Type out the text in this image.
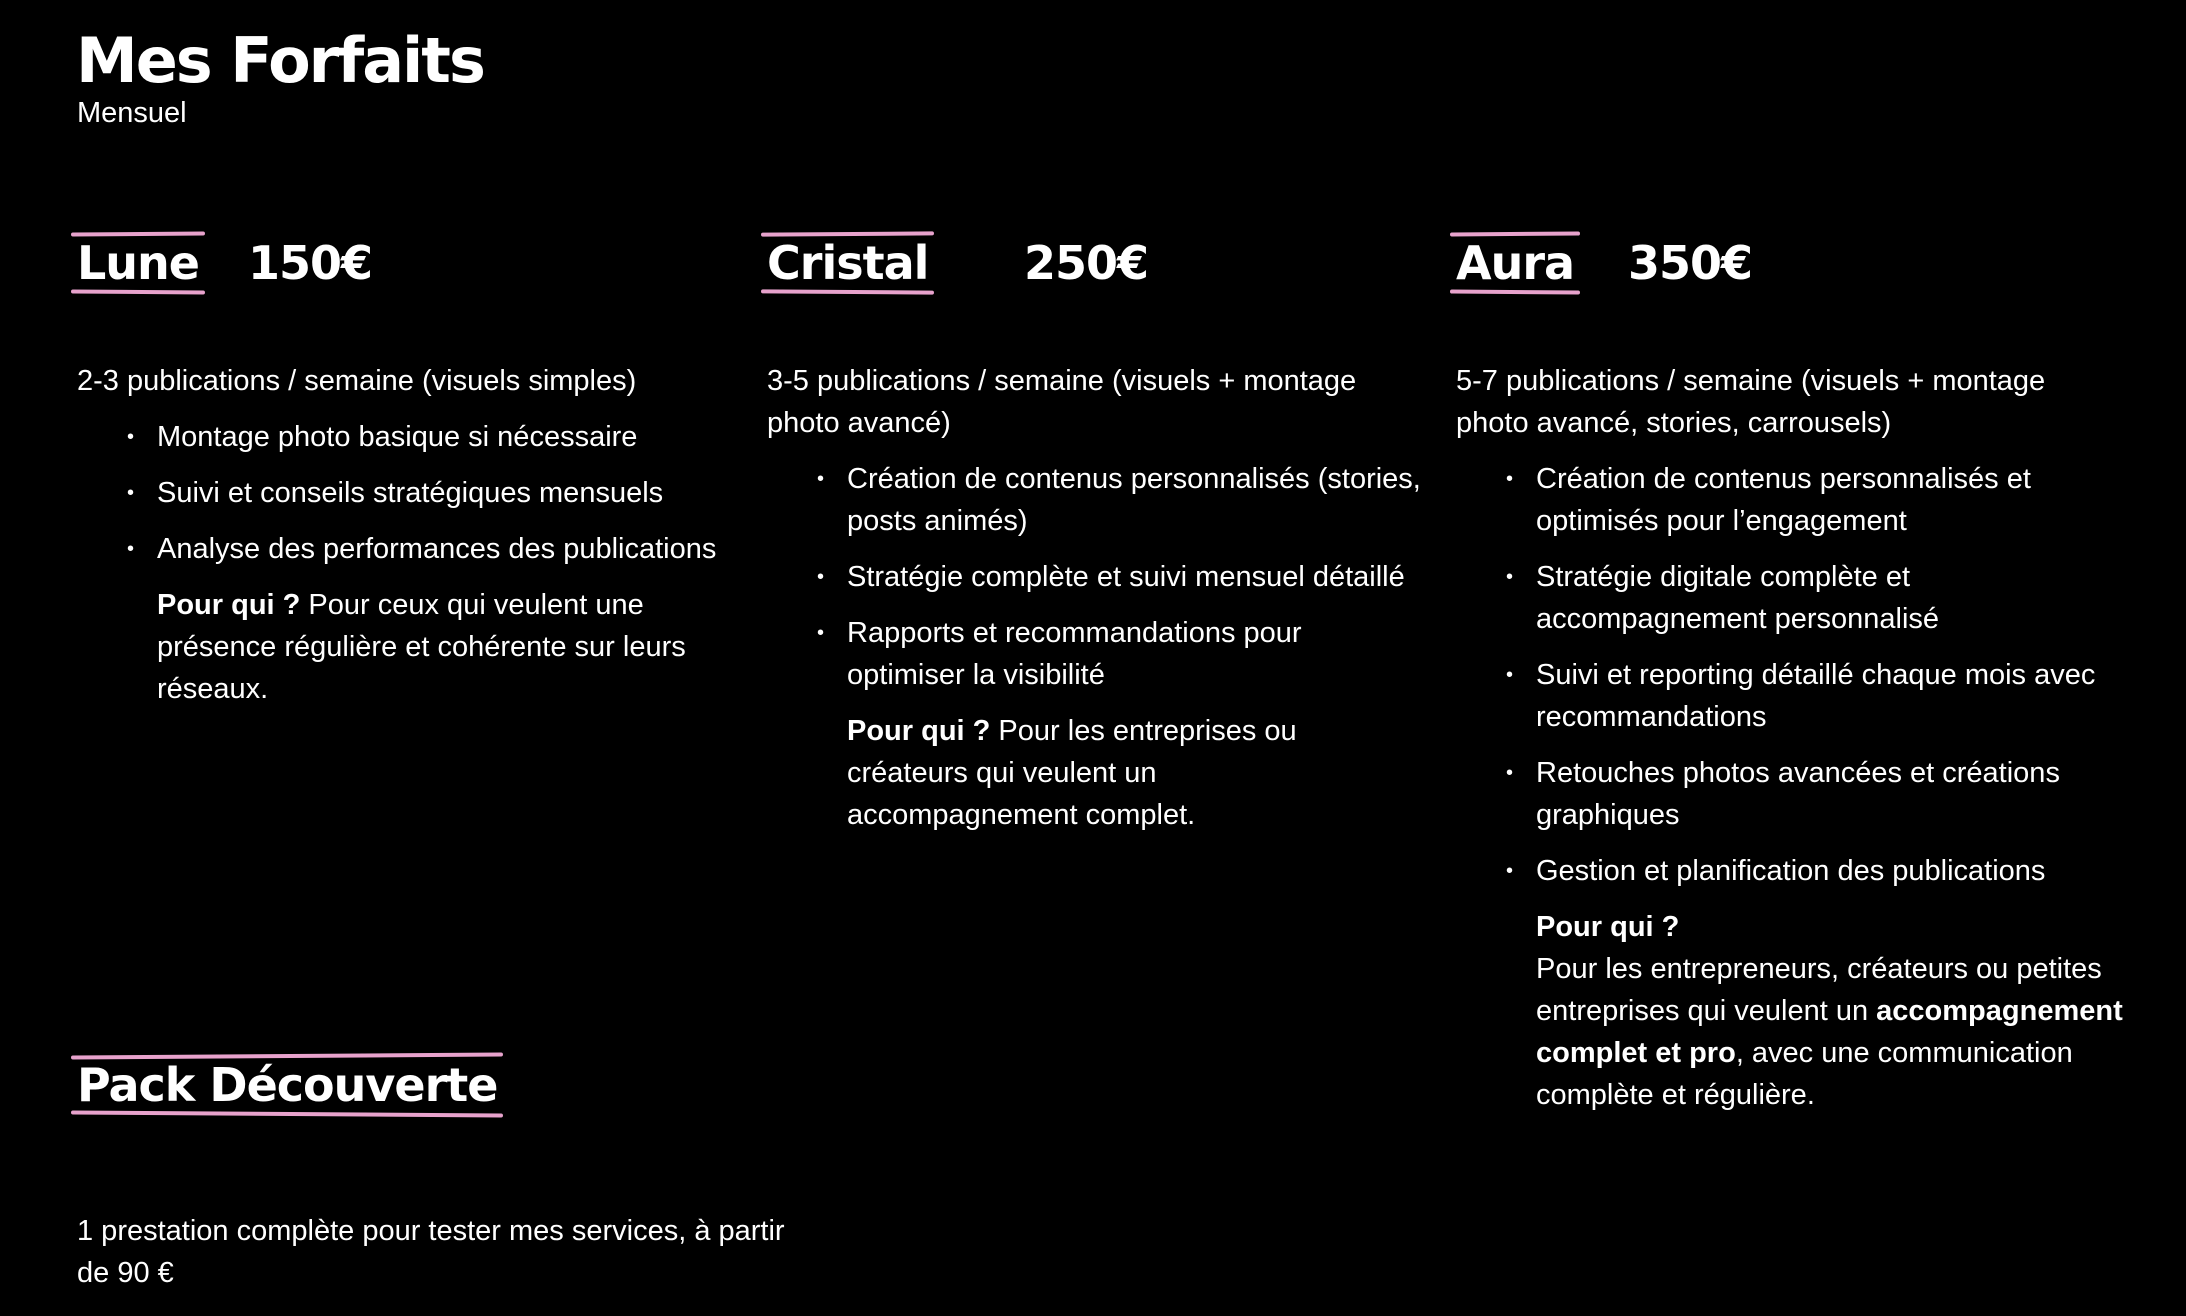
Mes Forfaits
Mensuel
Lune 150€

2-3 publications / semaine (visuels simples)

• Montage photo basique si nécessaire
• Suivi et conseils stratégiques mensuels
• Analyse des performances des publications

Pour qui ? Pour ceux qui veulent une présence régulière et cohérente sur leurs réseaux.

Cristal 250€

3-5 publications / semaine (visuels + montage photo avancé)

• Création de contenus personnalisés (stories, posts animés)
• Stratégie complète et suivi mensuel détaillé
• Rapports et recommandations pour optimiser la visibilité

Pour qui ? Pour les entreprises ou créateurs qui veulent un accompagnement complet.

Aura 350€

5-7 publications / semaine (visuels + montage photo avancé, stories, carrousels)

• Création de contenus personnalisés et optimisés pour l’engagement
• Stratégie digitale complète et accompagnement personnalisé
• Suivi et reporting détaillé chaque mois avec recommandations
• Retouches photos avancées et créations graphiques
• Gestion et planification des publications
Pour qui ?
Pour les entrepreneurs, créateurs ou petites entreprises qui veulent un accompagnement complet et pro, avec une communication complète et régulière.
Pack Découverte

1 prestation complète pour tester mes services, à partir de 90 €
